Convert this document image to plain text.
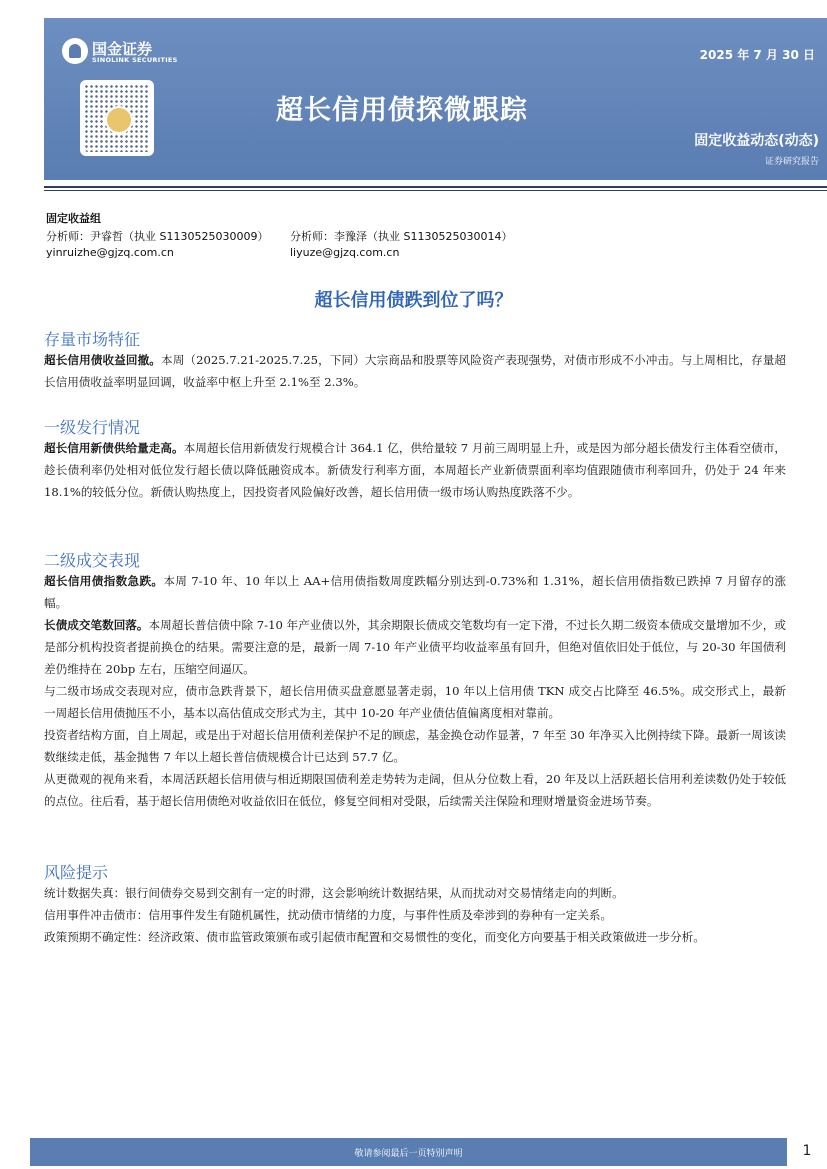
国金证券
SINOLINK SECURITIES
超长信用债探微跟踪
2025 年 7 月 30 日
固定收益动态(动态)
证券研究报告
固定收益组
分析师：尹睿哲（执业 S1130525030009） 分析师：李豫泽（执业 S1130525030014）
yinruizhe@gjzq.com.cn	liyuze@gjzq.com.cn
超长信用债跌到位了吗？
存量市场特征
超长信用债收益回撤。本周（2025.7.21-2025.7.25，下同）大宗商品和股票等风险资产表现强势，对债市形成不小冲击。与上周相比，存量超长信用债收益率明显回调，收益率中枢上升至 2.1%至 2.3%。
一级发行情况
超长信用新债供给量走高。本周超长信用新债发行规模合计 364.1 亿，供给量较 7 月前三周明显上升，或是因为部分超长债发行主体看空债市，趁长债利率仍处相对低位发行超长债以降低融资成本。新债发行利率方面，本周超长产业新债票面利率均值跟随债市利率回升，仍处于 24 年来 18.1%的较低分位。新债认购热度上，因投资者风险偏好改善，超长信用债一级市场认购热度跌落不少。
二级成交表现
超长信用债指数急跌。本周 7-10 年、10 年以上 AA+信用债指数周度跌幅分别达到-0.73%和 1.31%，超长信用债指数已跌掉 7 月留存的涨幅。
长债成交笔数回落。本周超长普信债中除 7-10 年产业债以外，其余期限长债成交笔数均有一定下滑，不过长久期二级资本债成交量增加不少，或是部分机构投资者提前换仓的结果。需要注意的是，最新一周 7-10 年产业债平均收益率虽有回升，但绝对值依旧处于低位，与 20-30 年国债利差仍维持在 20bp 左右，压缩空间逼仄。
与二级市场成交表现对应，债市急跌背景下，超长信用债买盘意愿显著走弱，10 年以上信用债 TKN 成交占比降至 46.5%。成交形式上，最新一周超长信用债抛压不小，基本以高估值成交形式为主，其中 10-20 年产业债估值偏离度相对靠前。
投资者结构方面，自上周起，或是出于对超长信用债利差保护不足的顾虑，基金换仓动作显著，7 年至 30 年净买入比例持续下降。最新一周该读数继续走低，基金抛售 7 年以上超长普信债规模合计已达到 57.7 亿。
从更微观的视角来看，本周活跃超长信用债与相近期限国债利差走势转为走阔，但从分位数上看，20 年及以上活跃超长信用利差读数仍处于较低的点位。往后看，基于超长信用债绝对收益依旧在低位，修复空间相对受限，后续需关注保险和理财增量资金进场节奏。
风险提示
统计数据失真：银行间债券交易到交割有一定的时滞，这会影响统计数据结果，从而扰动对交易情绪走向的判断。
信用事件冲击债市：信用事件发生有随机属性，扰动债市情绪的力度，与事件性质及牵涉到的券种有一定关系。
政策预期不确定性：经济政策、债市监管政策颁布或引起债市配置和交易惯性的变化，而变化方向要基于相关政策做进一步分析。
敬请参阅最后一页特别声明	1
